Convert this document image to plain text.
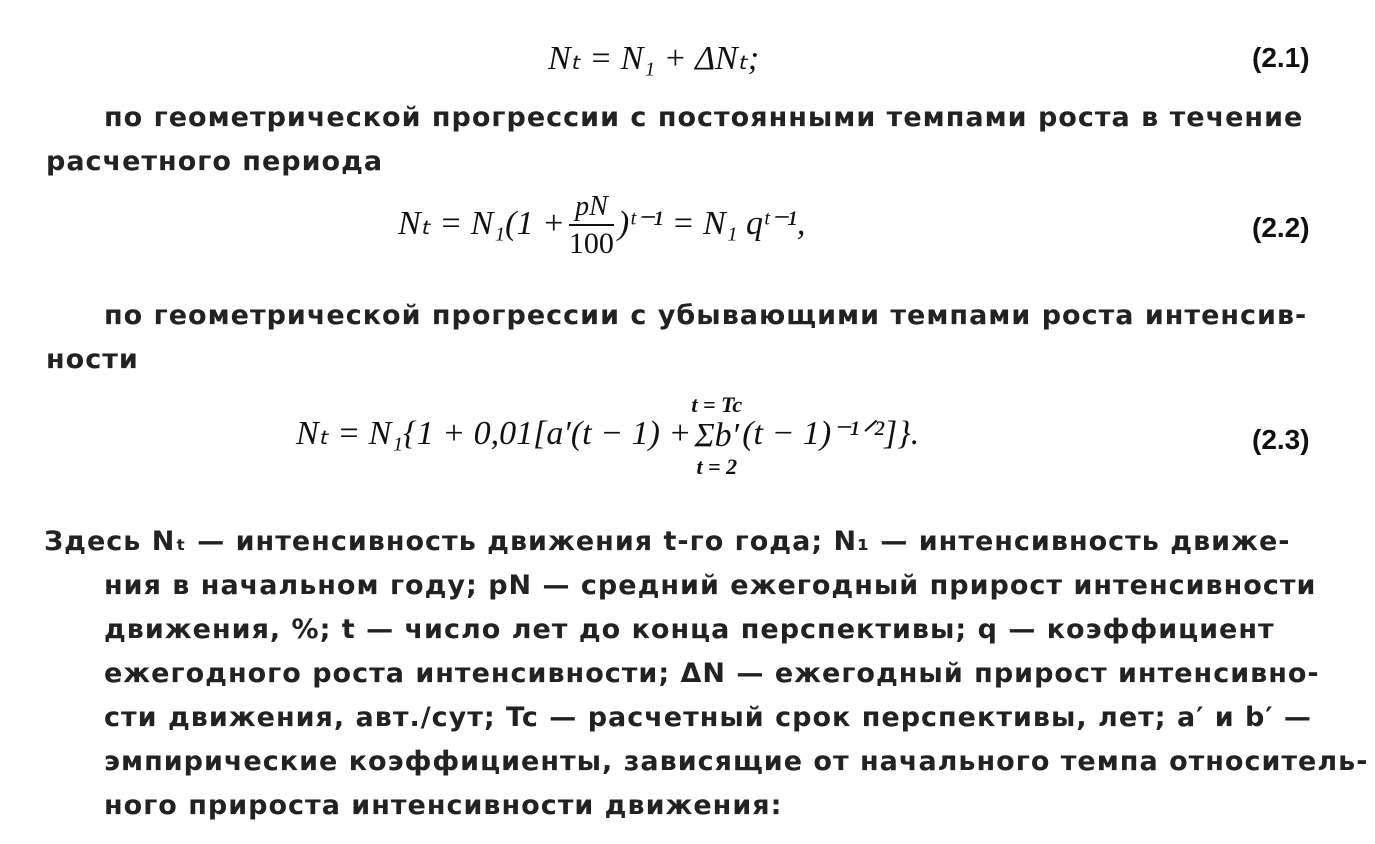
Nₜ = N₁ + ΔNₜ;	(2.1)
по геометрической прогрессии с постоянными темпами роста в течение
расчетного периода
$N_t = N_1(1 + \frac{pN}{100}$ )ᵗ⁻¹ = N₁ qᵗ⁻¹,	(2.2)
по геометрической прогрессии с убывающими темпами роста интенсив-
ности
Nₜ = N₁{1 + 0,01[a′(t − 1) +
t = Tc
Σb′
t = 2
(t − 1)⁻¹ᐟ²]}.	(2.3)
Здесь Nₜ — интенсивность движения t-го года; N₁ — интенсивность движе-
ния в начальном году; pN — средний ежегодный прирост интенсивности
движения, %; t — число лет до конца перспективы; q — коэффициент
ежегодного роста интенсивности; ΔN — ежегодный прирост интенсивно-
сти движения, авт./сут; Tc — расчетный срок перспективы, лет; a′ и b′ —
эмпирические коэффициенты, зависящие от начального темпа относитель-
ного прироста интенсивности движения:
